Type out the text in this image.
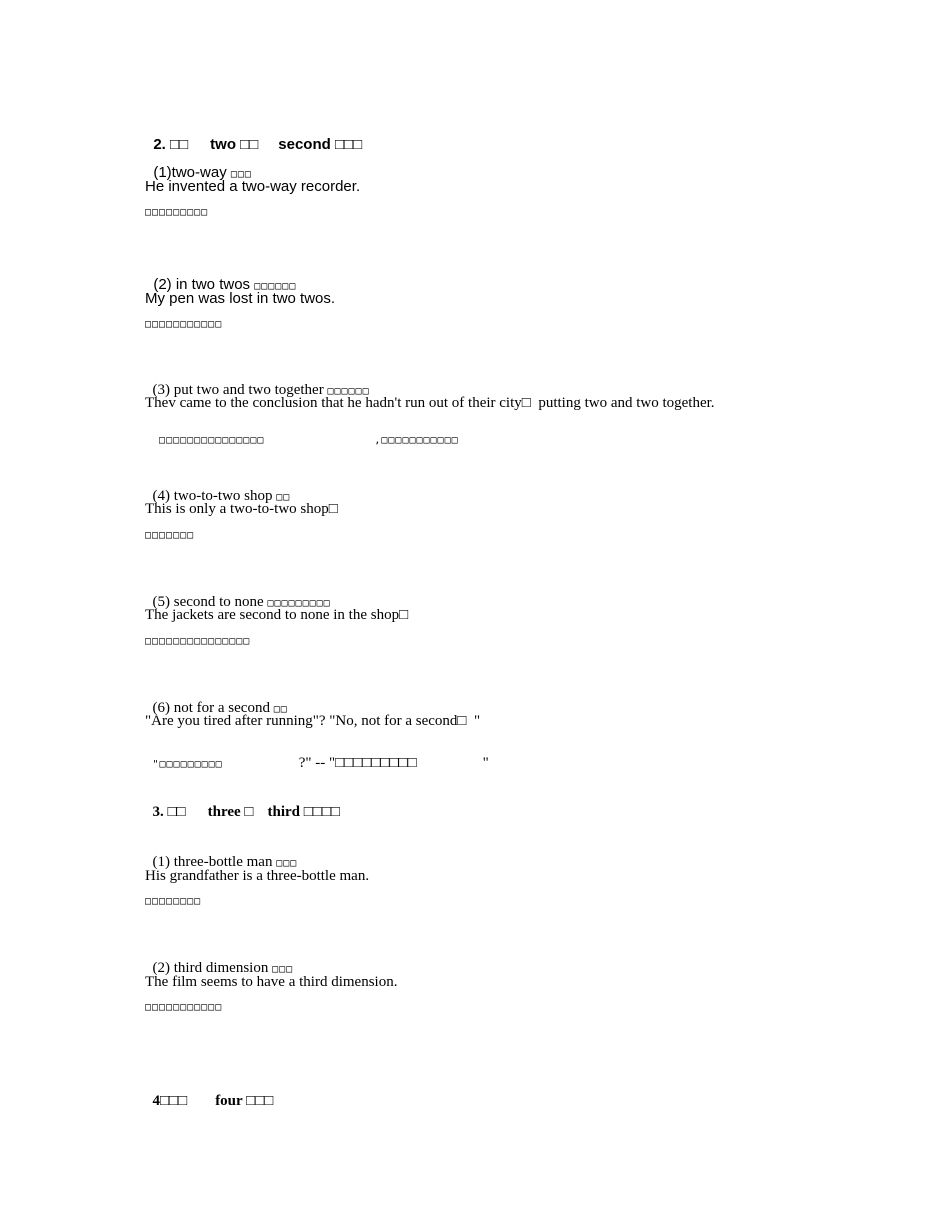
2. □□ two □□ second □□□

(1)two-way □□□

He invented a two-way recorder.
□□□□□□□□□

(2) in two twos □□□□□□

My pen was lost in two twos.
□□□□□□□□□□□

(3) put two and two together □□□□□□

Thev came to the conclusion that he hadn't run out of their city□  putting two and two together.

□□□□□□□□□□□□□□□	,□□□□□□□□□□□

(4) two-to-two shop □□

This is only a two-to-two shop□
□□□□□□□

(5) second to none □□□□□□□□□

The jackets are second to none in the shop□
□□□□□□□□□□□□□□□

(6) not for a second □□

"Are you tired after running"? "No, not for a second□  "

"□□□□□□□□□	?" -- "□□□□□□□□□	"

3. □□ three □ third □□□□

(1) three-bottle man □□□

His grandfather is a three-bottle man.
□□□□□□□□

(2) third dimension □□□

The film seems to have a third dimension.
□□□□□□□□□□□

4□□□ four □□□
